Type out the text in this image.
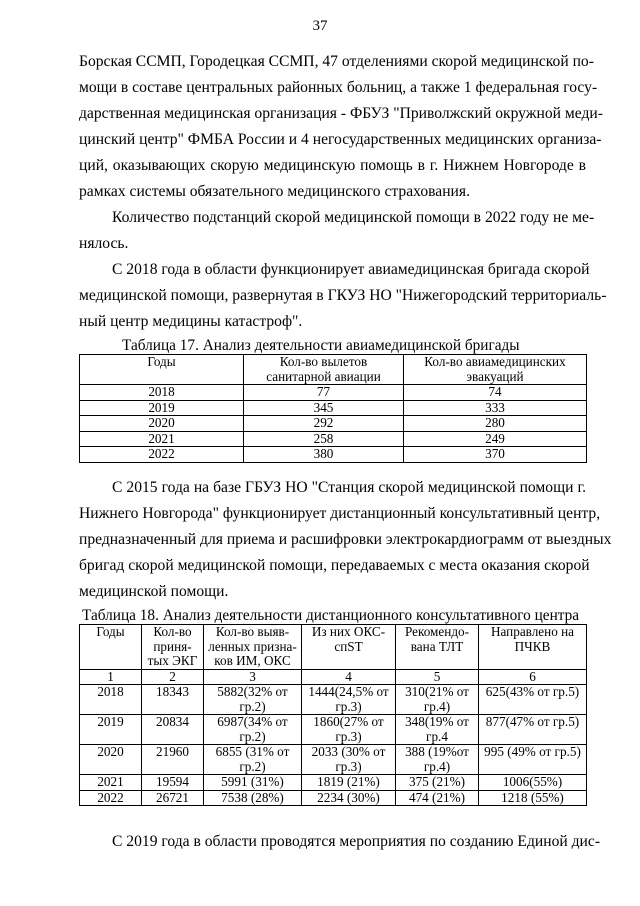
37
Борская ССМП, Городецкая ССМП, 47 отделениями скорой медицинской по-
мощи в составе центральных районных больниц, а также 1 федеральная госу-
дарственная медицинская организация - ФБУЗ "Приволжский окружной меди-
цинский центр" ФМБА России и 4 негосударственных медицинских организа-
ций, оказывающих скорую медицинскую помощь в г. Нижнем Новгороде в
рамках системы обязательного медицинского страхования.
Количество подстанций скорой медицинской помощи в 2022 году не ме-
нялось.
С 2018 года в области функционирует авиамедицинская бригада скорой
медицинской помощи, развернутая в ГКУЗ НО "Нижегородский территориаль-
ный центр медицины катастроф".
Таблица 17. Анализ деятельности авиамедицинской бригады
Годы	Кол-во вылетов санитарной авиации	Кол-во авиамедицинских эвакуаций
2018	77	74
2019	345	333
2020	292	280
2021	258	249
2022	380	370
С 2015 года на базе ГБУЗ НО "Станция скорой медицинской помощи г.
Нижнего Новгорода" функционирует дистанционный консультативный центр,
предназначенный для приема и расшифровки электрокардиограмм от выездных
бригад скорой медицинской помощи, передаваемых с места оказания скорой
медицинской помощи.
Таблица 18. Анализ деятельности дистанционного консультативного центра
Годы	Кол-во приня-тых ЭКГ	Кол-во выяв-ленных призна-ков ИМ, ОКС	Из них ОКС-спST	Рекомендо-вана ТЛТ	Направлено на ПЧКВ
1	2	3	4	5	6
2018	18343	5882(32% от гр.2)	1444(24,5% от гр.3)	310(21% от гр.4)	625(43% от гр.5)
2019	20834	6987(34% от гр.2)	1860(27% от гр.3)	348(19% от гр.4	877(47% от гр.5)
2020	21960	6855 (31% от гр.2)	2033 (30% от гр.3)	388 (19%от гр.4)	995 (49% от гр.5)
2021	19594	5991 (31%)	1819 (21%)	375 (21%)	1006(55%)
2022	26721	7538 (28%)	2234 (30%)	474 (21%)	1218 (55%)
С 2019 года в области проводятся мероприятия по созданию Единой дис-
